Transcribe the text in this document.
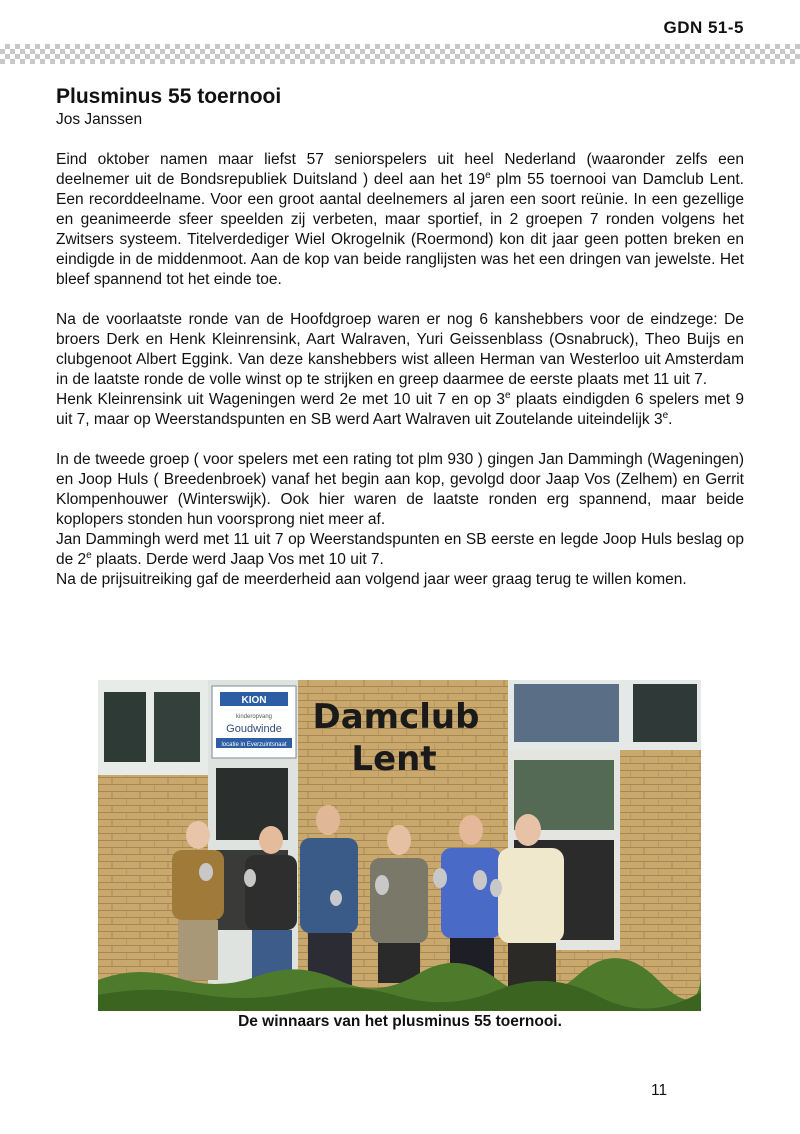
GDN 51-5
Plusminus 55 toernooi
Jos Janssen

Eind oktober namen maar liefst 57 seniorspelers uit heel Nederland (waaronder zelfs een deelnemer uit de Bondsrepubliek Duitsland ) deel aan het 19e plm 55 toernooi van Damclub Lent. Een recorddeelname. Voor een groot aantal deelnemers al jaren een soort reünie. In een gezellige en geanimeerde sfeer speelden zij verbeten, maar sportief, in 2 groepen 7 ronden volgens het Zwitsers systeem. Titelverdediger Wiel Okrogelnik (Roermond) kon dit jaar geen potten breken en eindigde in de middenmoot. Aan de kop van beide ranglijsten was het een dringen van jewelste. Het bleef spannend tot het einde toe.

Na de voorlaatste ronde van de Hoofdgroep waren er nog 6 kanshebbers voor de eindzege: De broers Derk en Henk Kleinrensink, Aart Walraven, Yuri Geissenblass (Osnabruck), Theo Buijs en clubgenoot Albert Eggink. Van deze kanshebbers wist alleen Herman van Westerloo uit Amsterdam in de laatste ronde de volle winst op te strijken en greep daarmee de eerste plaats met 11 uit 7.

Henk Kleinrensink uit Wageningen werd 2e met 10 uit 7 en op 3e plaats eindigden 6 spelers met 9 uit 7, maar op Weerstandspunten en SB werd Aart Walraven uit Zoutelande uiteindelijk 3e.

In de tweede groep ( voor spelers met een rating tot plm 930 ) gingen Jan Dammingh (Wageningen) en Joop Huls ( Breedenbroek) vanaf het begin aan kop, gevolgd door Jaap Vos (Zelhem) en Gerrit Klompenhouwer (Winterswijk). Ook hier waren de laatste ronden erg spannend, maar beide koplopers stonden hun voorsprong niet meer af.

Jan Dammingh werd met 11 uit 7 op Weerstandspunten en SB eerste en legde Joop Huls beslag op de 2e plaats. Derde werd Jaap Vos met 10 uit 7.

Na de prijsuitreiking gaf de meerderheid aan volgend jaar weer graag terug te willen komen.

KION
kinderopvang
Goudwinde
locatie in Everzuintsnaat
Damclub
Lent
De winnaars van het plusminus 55 toernooi.
11
